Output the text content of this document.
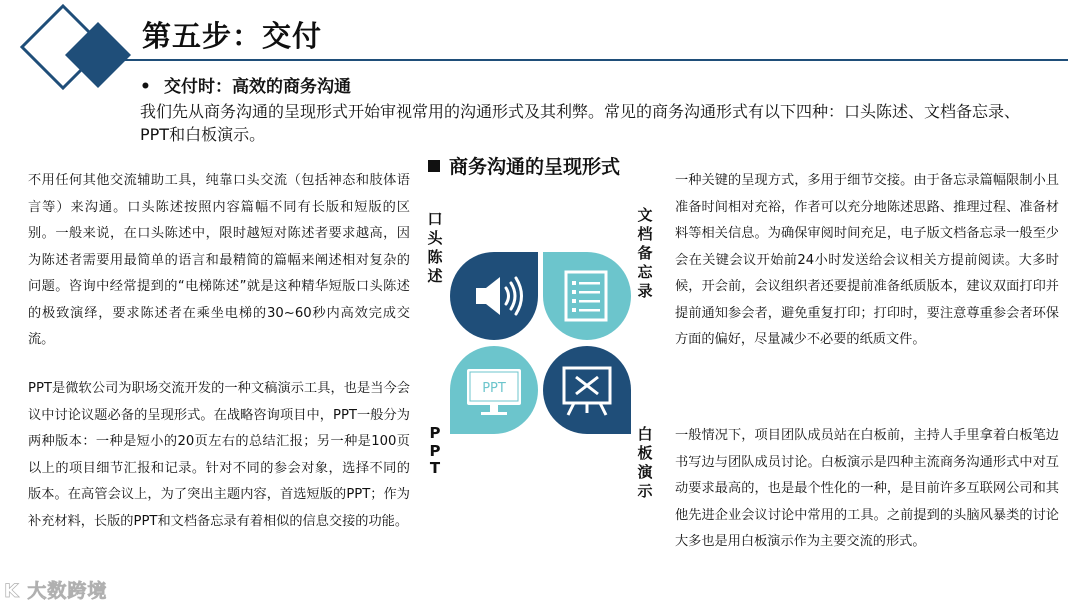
第五步：交付
• 交付时：高效的商务沟通
我们先从商务沟通的呈现形式开始审视常用的沟通形式及其利弊。常见的商务沟通形式有以下四种：口头陈述、文档备忘录、PPT和白板演示。
商务沟通的呈现形式
不用任何其他交流辅助工具，纯靠口头交流（包括神态和肢体语言等）来沟通。口头陈述按照内容篇幅不同有长版和短版的区别。一般来说，在口头陈述中，限时越短对陈述者要求越高，因为陈述者需要用最简单的语言和最精简的篇幅来阐述相对复杂的问题。咨询中经常提到的“电梯陈述”就是这种精华短版口头陈述的极致演绎，要求陈述者在乘坐电梯的30~60秒内高效完成交流。
PPT是微软公司为职场交流开发的一种文稿演示工具，也是当今会议中讨论议题必备的呈现形式。在战略咨询项目中，PPT一般分为两种版本：一种是短小的20页左右的总结汇报；另一种是100页以上的项目细节汇报和记录。针对不同的参会对象，选择不同的版本。在高管会议上，为了突出主题内容，首选短版的PPT；作为补充材料，长版的PPT和文档备忘录有着相似的信息交接的功能。
一种关键的呈现方式，多用于细节交接。由于备忘录篇幅限制小且准备时间相对充裕，作者可以充分地陈述思路、推理过程、准备材料等相关信息。为确保审阅时间充足，电子版文档备忘录一般至少会在关键会议开始前24小时发送给会议相关方提前阅读。大多时候，开会前，会议组织者还要提前准备纸质版本，建议双面打印并提前通知参会者，避免重复打印；打印时，要注意尊重参会者环保方面的偏好，尽量减少不必要的纸质文件。
一般情况下，项目团队成员站在白板前，主持人手里拿着白板笔边书写边与团队成员讨论。白板演示是四种主流商务沟通形式中对互动要求最高的，也是最个性化的一种，是目前许多互联网公司和其他先进企业会议讨论中常用的工具。之前提到的头脑风暴类的讨论大多也是用白板演示作为主要交流的形式。
口头陈述
文档备忘录
PPT
白板演示
PPT
K 大数跨境
